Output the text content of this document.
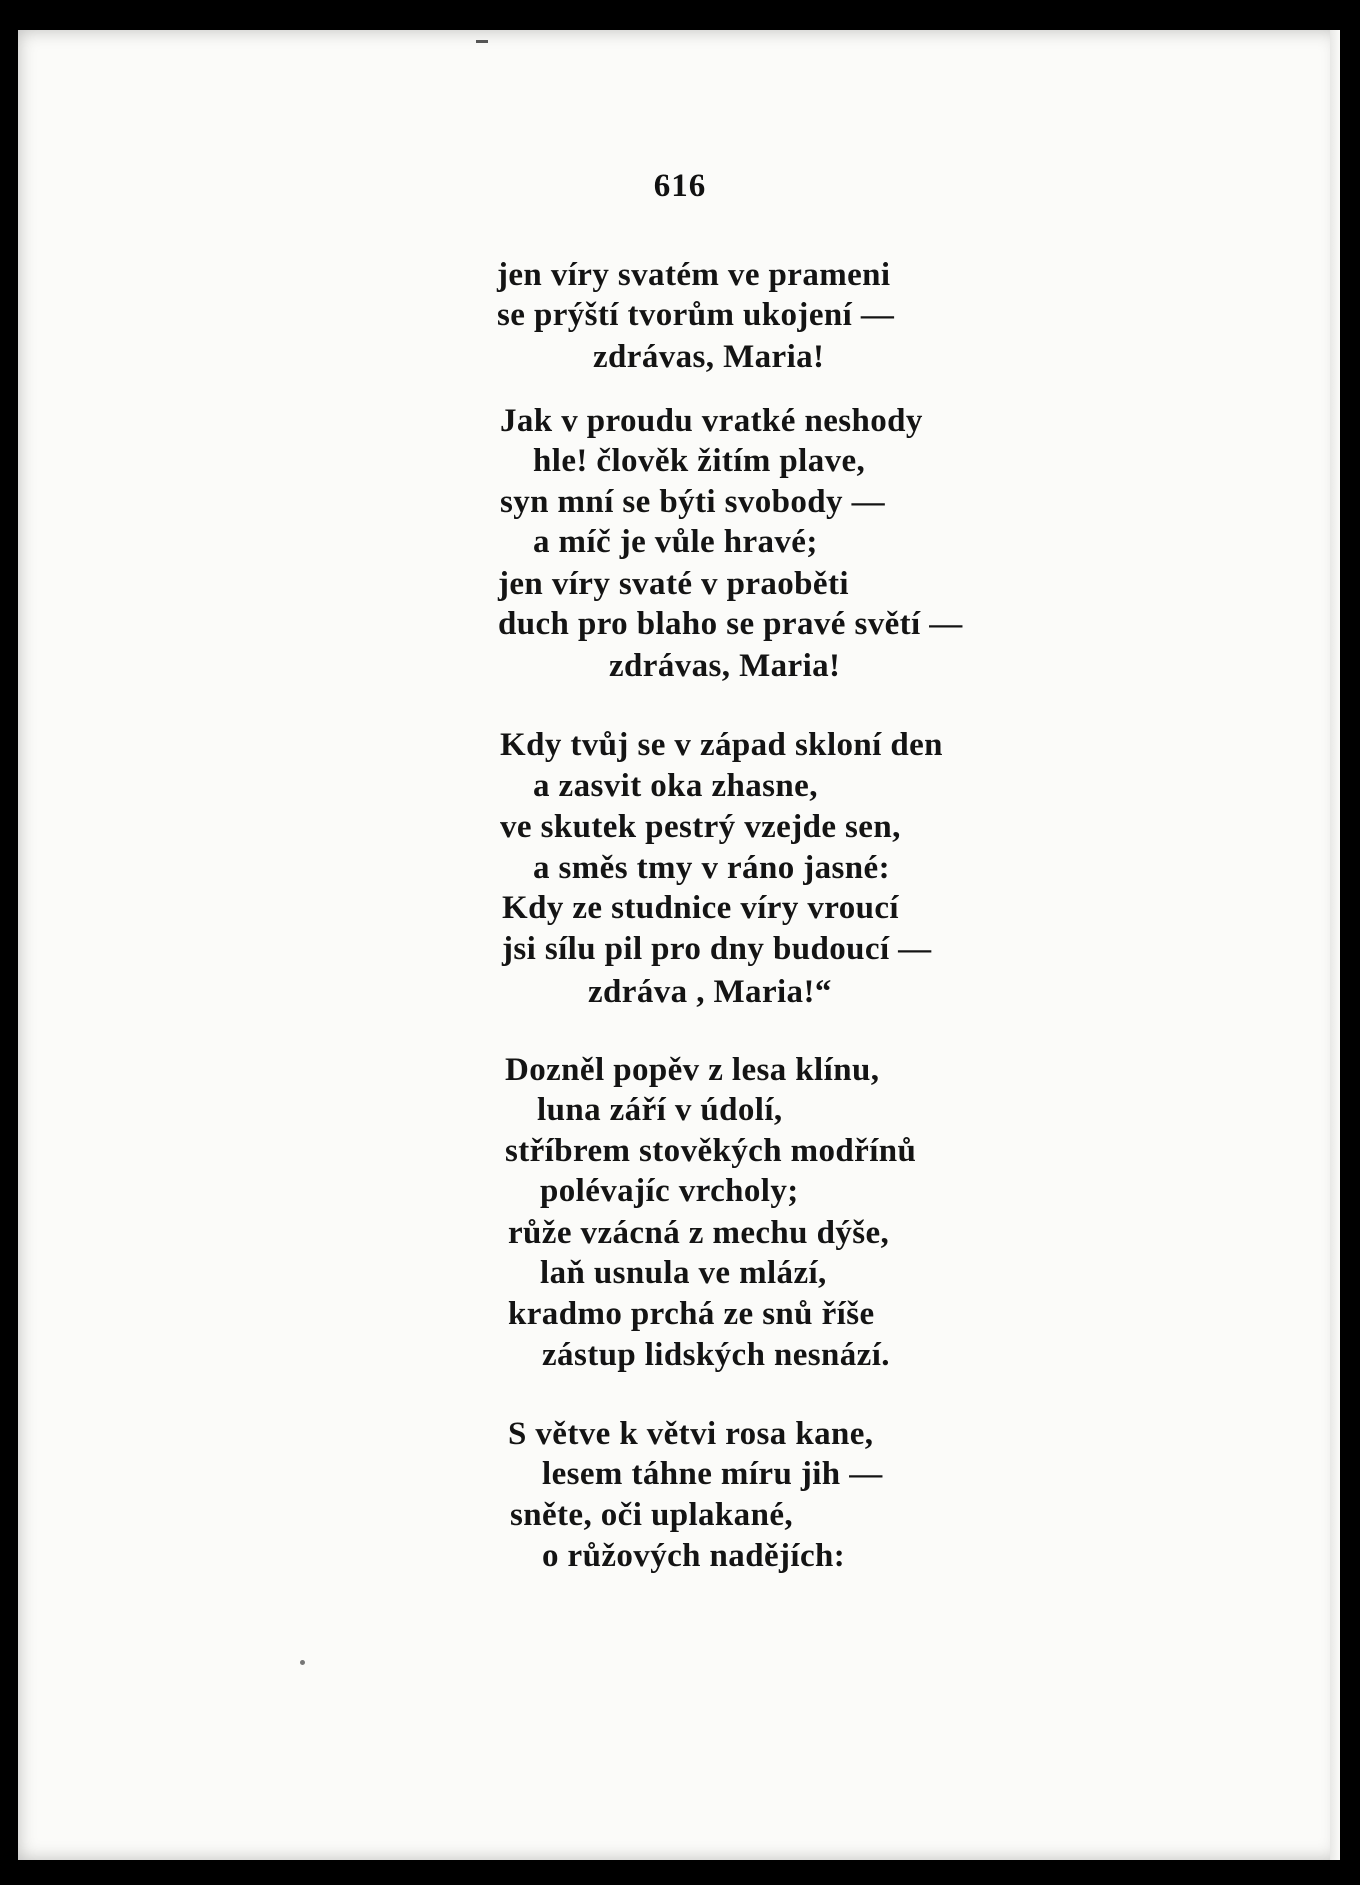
616
jen víry svatém ve prameni
se prýští tvorům ukojení —
zdrávas, Maria!
Jak v proudu vratké neshody
hle! člověk žitím plave,
syn mní se býti svobody —
a míč je vůle hravé;
jen víry svaté v praoběti
duch pro blaho se pravé světí —
zdrávas, Maria!
Kdy tvůj se v západ skloní den
a zasvit oka zhasne,
ve skutek pestrý vzejde sen,
a směs tmy v ráno jasné:
Kdy ze studnice víry vroucí
jsi sílu pil pro dny budoucí —
zdráva , Maria!“
Dozněl popěv z lesa klínu,
luna září v údolí,
stříbrem stověkých modřínů
polévajíc vrcholy;
růže vzácná z mechu dýše,
laň usnula ve mlází,
kradmo prchá ze snů říše
zástup lidských nesnází.
S větve k větvi rosa kane,
lesem táhne míru jih —
sněte, oči uplakané,
o růžových nadějích:
